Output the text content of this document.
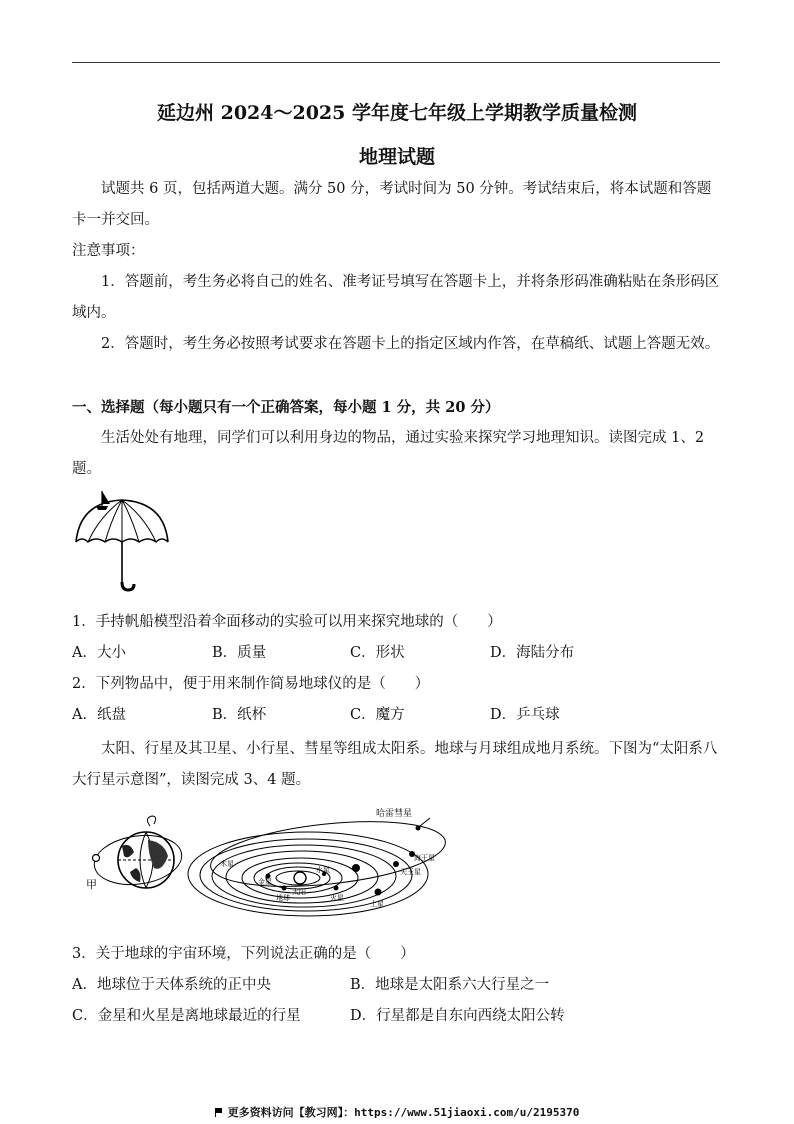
延边州 2024～2025 学年度七年级上学期教学质量检测
地理试题

试题共 6 页，包括两道大题。满分 50 分，考试时间为 50 分钟。考试结束后，将本试题和答题卡一并交回。

注意事项：

1．答题前，考生务必将自己的姓名、准考证号填写在答题卡上，并将条形码准确粘贴在条形码区域内。

2．答题时，考生务必按照考试要求在答题卡上的指定区域内作答，在草稿纸、试题上答题无效。

一、选择题（每小题只有一个正确答案，每小题 1 分，共 20 分）

生活处处有地理，同学们可以利用身边的物品，通过实验来探究学习地理知识。读图完成 1、2 题。

1．手持帆船模型沿着伞面移动的实验可以用来探究地球的（　　）
A．大小	B．质量	C．形状	D．海陆分布
2．下列物品中，便于用来制作简易地球仪的是（　　）
A．纸盘	B．纸杯	C．魔方	D．乒乓球

太阳、行星及其卫星、小行星、彗星等组成太阳系。地球与月球组成地月系统。下图为“太阳系八大行星示意图”，读图完成 3、4 题。

甲
哈雷彗星
太阳
水星
金星
地球	火星
木星
土星
天王星
海王星
3．关于地球的宇宙环境，下列说法正确的是（　　）
A．地球位于天体系统的正中央	B．地球是太阳系六大行星之一
C．金星和火星是离地球最近的行星	D．行星都是自东向西绕太阳公转
更多资料访问【教习网】：https://www.51jiaoxi.com/u/2195370
